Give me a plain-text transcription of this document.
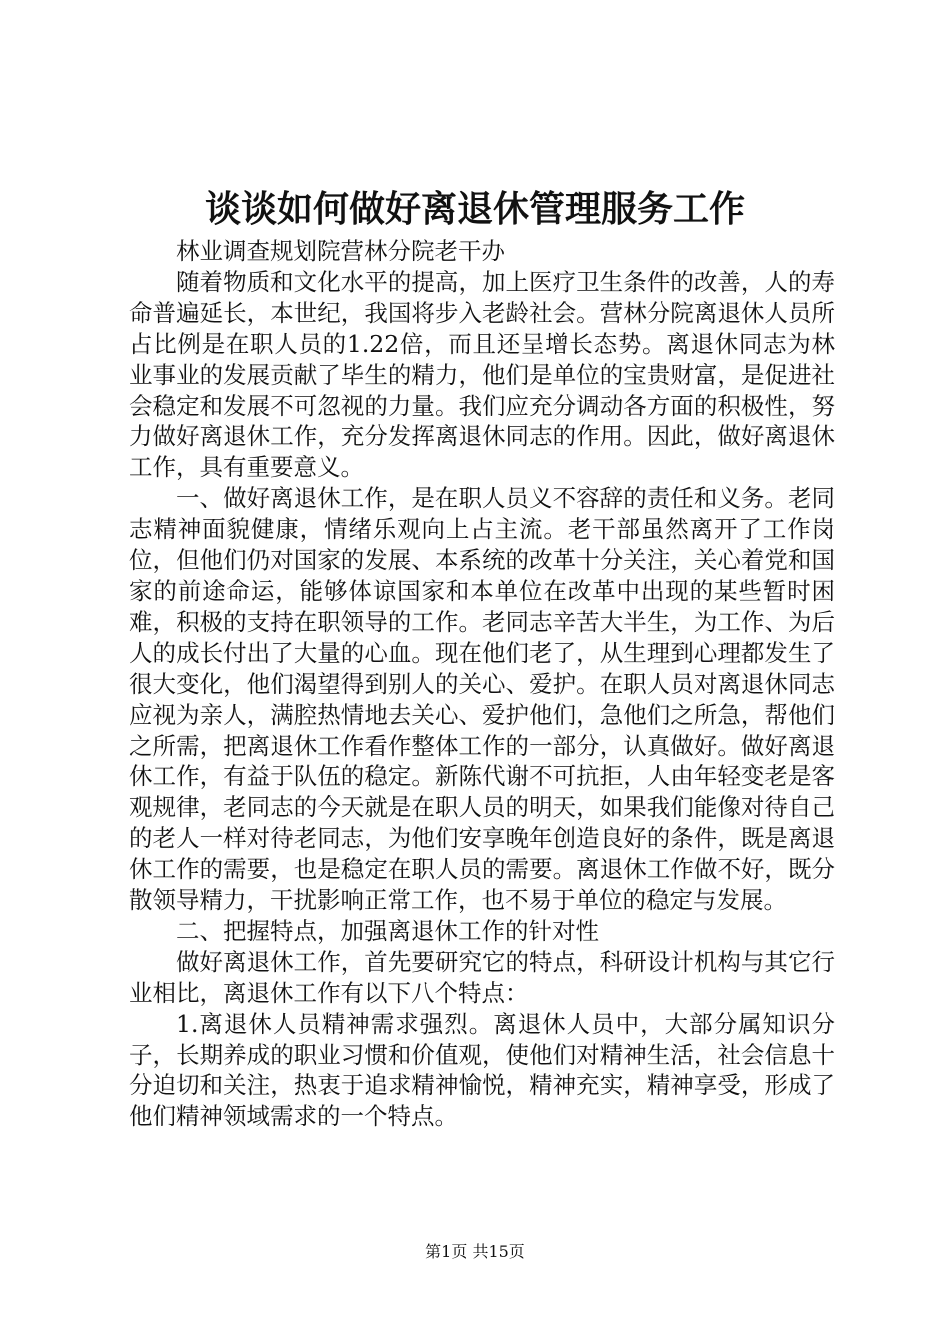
谈谈如何做好离退休管理服务工作

林业调查规划院营林分院老干办

随着物质和文化水平的提高，加上医疗卫生条件的改善，人的寿命普遍延长，本世纪，我国将步入老龄社会。营林分院离退休人员所占比例是在职人员的1.22倍，而且还呈增长态势。离退休同志为林业事业的发展贡献了毕生的精力，他们是单位的宝贵财富，是促进社会稳定和发展不可忽视的力量。我们应充分调动各方面的积极性，努力做好离退休工作，充分发挥离退休同志的作用。因此，做好离退休工作，具有重要意义。

一、做好离退休工作，是在职人员义不容辞的责任和义务。老同志精神面貌健康，情绪乐观向上占主流。老干部虽然离开了工作岗位，但他们仍对国家的发展、本系统的改革十分关注，关心着党和国家的前途命运，能够体谅国家和本单位在改革中出现的某些暂时困难，积极的支持在职领导的工作。老同志辛苦大半生，为工作、为后人的成长付出了大量的心血。现在他们老了，从生理到心理都发生了很大变化，他们渴望得到别人的关心、爱护。在职人员对离退休同志应视为亲人，满腔热情地去关心、爱护他们，急他们之所急，帮他们之所需，把离退休工作看作整体工作的一部分，认真做好。做好离退休工作，有益于队伍的稳定。新陈代谢不可抗拒，人由年轻变老是客观规律，老同志的今天就是在职人员的明天，如果我们能像对待自己的老人一样对待老同志，为他们安享晚年创造良好的条件，既是离退休工作的需要，也是稳定在职人员的需要。离退休工作做不好，既分散领导精力，干扰影响正常工作，也不易于单位的稳定与发展。

二、把握特点，加强离退休工作的针对性

做好离退休工作，首先要研究它的特点，科研设计机构与其它行业相比，离退休工作有以下八个特点：

1.离退休人员精神需求强烈。离退休人员中，大部分属知识分子，长期养成的职业习惯和价值观，使他们对精神生活，社会信息十分迫切和关注，热衷于追求精神愉悦，精神充实，精神享受，形成了他们精神领域需求的一个特点。

第1页 共15页
